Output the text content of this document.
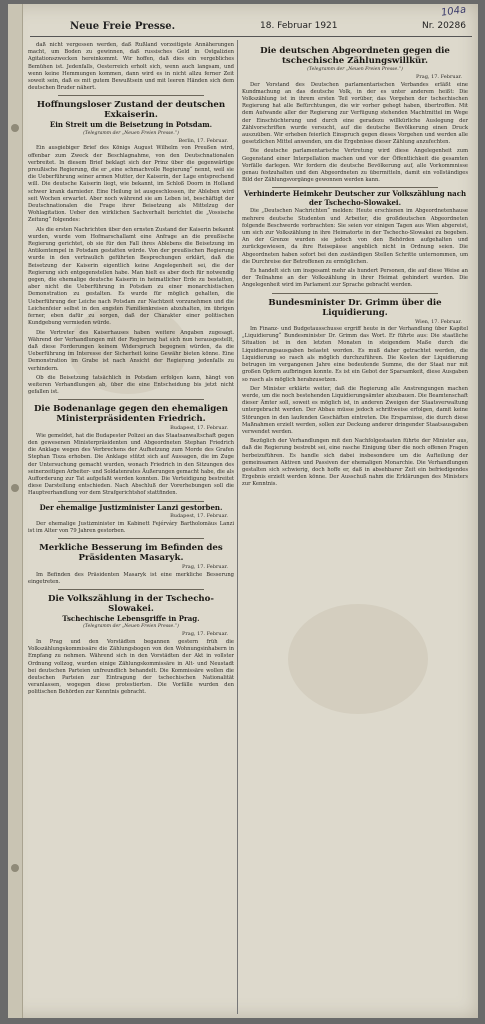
104a
Neue Freie Presse.	18. Februar 1921	Nr. 20286

daß nicht vergessen werden, daß Rußland vorzeitigste Annäherungen macht, um Boden zu gewinnen, daß russisches Geld in Ostgalizien Agitationszwecken hereinkommt. Wir hoffen, daß dies ein vergebliches Bemühen ist. Jedenfalls, Oesterreich erholt sich, wenn auch langsam, und wenn keine Hemmungen kommen, dann wird es in nicht allzu ferner Zeit soweit sein, daß es mit gutem Bewußtsein und mit leeren Händen sich dem deutschen Bruder nähert.

Hoffnungsloser Zustand der deutschen Exkaiserin.
Ein Streit um die Beisetzung in Potsdam.
(Telegramm der „Neuen Freien Presse.“)
Berlin, 17. Februar.

Ein ausgiebiger Brief des Königs August Wilhelm von Preußen wird, offenbar zum Zweck der Beschlagnahme, von den Deutschnationalen verbreitet. In diesem Brief beklagt sich der Prinz über die gegenwärtige preußische Regierung, die er „eine schmachvolle Regierung“ nennt, weil sie die Ueberführung seiner armen Mutter, der Kaiserin, der Lage entsprechend will. Die deutsche Kaiserin liegt, wie bekannt, im Schloß Doorn in Holland schwer krank darnieder. Eine Heilung ist ausgeschlossen, ihr Ableben wird seit Wochen erwartet. Aber noch während sie am Leben ist, beschäftigt der Deutschnationalen die Frage ihrer Beisetzung als Mittelzug der Wohlagitation. Ueber den wirklichen Sachverhalt berichtet die „Vossische Zeitung“ folgendes:

Als die ersten Nachrichten über den ernsten Zustand der Kaiserin bekannt wurden, wurde vom Hofmarschallamt eine Anfrage an die preußische Regierung gerichtet, ob sie für den Fall ihres Ablebens die Beisetzung im Antikentempel in Potsdam gestatten würde. Von der preußischen Regierung wurde in den vertraulich geführten Besprechungen erklärt, daß die Beisetzung der Kaiserin eigentlich keine Angelegenheit sei, die der Regierung sich entgegenstellen habe. Man hielt es aber doch für notwendig gegen, die ehemalige deutsche Kaiserin in heimatlicher Erde zu bestatten, aber nicht die Ueberführung in Potsdam zu einer monarchistischen Demonstration zu gestalten. Es wurde für möglich gehalten, die Ueberführung der Leiche nach Potsdam zur Nachtzeit vorzunehmen und die Leichenfeier selbst in den engsten Familienkreisen abzuhalten, im übrigen ferner, eben dafür zu sorgen, daß der Charakter einer politischen Kundgebung vermieden würde.

Die Vertreter des Kaiserhauses haben weitere Angaben zugesagt. Während der Verhandlungen mit der Regierung hat sich nun herausgestellt, daß diese Forderungen keinem Widerspruch begegnen würden, da die Ueberführung im Interesse der Sicherheit keine Gewähr bieten könne. Eine Demonstration im Grabe ist nach Ansicht der Regierung jedenfalls zu verhindern.

Ob die Beisetzung tatsächlich in Potsdam erfolgen kann, hängt von weiteren Verhandlungen ab, über die eine Entscheidung bis jetzt nicht gefallen ist.

Die Bodenanlage gegen den ehemaligen Ministerpräsidenten Friedrich.
Budapest, 17. Februar.

Wie gemeldet, hat die Budapester Polizei an das Staatsanwaltschaft gegen den gewesenen Ministerpräsidenten und Abgeordneten Stephan Friedrich die Anklage wegen des Verbrechens der Aufhetzung zum Morde des Grafen Stephan Tisza erhoben. Die Anklage stützt sich auf Aussagen, die im Zuge der Untersuchung gemacht wurden, wonach Friedrich in den Sitzungen des seinerzeitigen Arbeiter- und Soldatenrates Äußerungen gemacht habe, die als Aufforderung zur Tat aufgefaßt werden konnten. Die Verteidigung bestreitet diese Darstellung entschieden. Nach Abschluß der Vorerhebungen soll die Hauptverhandlung vor dem Strafgerichtshof stattfinden.

Der ehemalige Justizminister Lanzi gestorben.
Budapest, 17. Februar.

Der ehemalige Justizminister im Kabinett Fejérváry Bartholomäus Lanzi ist im Alter von 79 Jahren gestorben.

Merkliche Besserung im Befinden des Präsidenten Masaryk.
Prag, 17. Februar.

Im Befinden des Präsidenten Masaryk ist eine merkliche Besserung eingetreten.

Die Volkszählung in der Tschecho-Slowakei.
Tschechische Lebensgriffe in Prag.
(Telegramm der „Neuen Freien Presse.“)
Prag, 17. Februar.

In Prag und den Vorstädten begannen gestern früh die Volkszählungskommissäre die Zählungsbogen von den Wohnungsinhabern in Empfang zu nehmen. Während sich in den Vorstädten der Akt in vollster Ordnung vollzog, wurden einige Zählungskommissäre in Alt- und Neustadt bei deutschen Parteien unfreundlich behandelt. Die Kommissäre wollen die deutschen Parteien zur Eintragung der tschechischen Nationalität veranlassen, wogegen diese protestierten. Die Vorfälle wurden den politischen Behörden zur Kenntnis gebracht.

Die deutschen Abgeordneten gegen die tschechische Zählungswillkür.
(Telegramm der „Neuen Freien Presse.“)
Prag, 17. Februar.

Der Vorstand des Deutschen parlamentarischen Verbandes erläßt eine Kundmachung an das deutsche Volk, in der es unter anderem heißt: Die Volkszählung ist in ihrem ersten Teil vorüber, das Vorgehen der tschechischen Regierung hat alle Befürchtungen, die wir vorher gehegt haben, übertroffen. Mit dem Aufwande aller der Regierung zur Verfügung stehenden Machtmittel im Wege der Einschüchterung und durch eine geradezu willkürliche Auslegung der Zählvorschriften wurde versucht, auf die deutsche Bevölkerung einen Druck auszuüben. Wir erheben feierlich Einspruch gegen dieses Vorgehen und werden alle gesetzlichen Mittel anwenden, um die Ergebnisse dieser Zählung anzufechten.

Die deutsche parlamentarische Vertretung wird diese Angelegenheit zum Gegenstand einer Interpellation machen und vor der Öffentlichkeit die gesamten Vorfälle darlegen. Wir fordern die deutsche Bevölkerung auf, alle Vorkommnisse genau festzuhalten und den Abgeordneten zu übermitteln, damit ein vollständiges Bild der Zählungsvorgänge gewonnen werden kann.

Verhinderte Heimkehr Deutscher zur Volkszählung nach der Tschecho-Slowakei.

Die „Deutschen Nachrichten“ melden: Heute erschienen im Abgeordnetenhause mehrere deutsche Studenten und Arbeiter, die großdeutschen Abgeordneten folgende Beschwerde vorbrachten: Sie seien vor einigen Tagen aus Wien abgereist, um sich zur Volkszählung in ihre Heimatorte in der Tschecho-Slowakei zu begeben. An der Grenze wurden sie jedoch von den Behörden aufgehalten und zurückgewiesen, da ihre Reisepässe angeblich nicht in Ordnung seien. Die Abgeordneten haben sofort bei den zuständigen Stellen Schritte unternommen, um die Durchreise der Betroffenen zu ermöglichen.

Es handelt sich um insgesamt mehr als hundert Personen, die auf diese Weise an der Teilnahme an der Volkszählung in ihrer Heimat gehindert wurden. Die Angelegenheit wird im Parlament zur Sprache gebracht werden.

Bundesminister Dr. Grimm über die Liquidierung.
Wien, 17. Februar.

Im Finanz- und Budgetausschusse ergriff heute in der Verhandlung über Kapitel „Liquidierung“ Bundesminister Dr. Grimm das Wort. Er führte aus: Die staatliche Situation ist in den letzten Monaten in steigendem Maße durch die Liquidierungsausgaben belastet worden. Es muß daher getrachtet werden, die Liquidierung so rasch als möglich durchzuführen. Die Kosten der Liquidierung betrugen im vergangenen Jahre eine bedeutende Summe, die der Staat nur mit großen Opfern aufbringen konnte. Es ist ein Gebot der Sparsamkeit, diese Ausgaben so rasch als möglich herabzusetzen.

Der Minister erklärte weiter, daß die Regierung alle Anstrengungen machen werde, um die noch bestehenden Liquidierungsämter abzubauen. Die Beamtenschaft dieser Ämter soll, soweit es möglich ist, in anderen Zweigen der Staatsverwaltung untergebracht werden. Der Abbau müsse jedoch schrittweise erfolgen, damit keine Störungen in den laufenden Geschäften eintreten. Die Ersparnisse, die durch diese Maßnahmen erzielt werden, sollen zur Deckung anderer dringender Staatsausgaben verwendet werden.

Bezüglich der Verhandlungen mit den Nachfolgestaaten führte der Minister aus, daß die Regierung bestrebt sei, eine rasche Einigung über die noch offenen Fragen herbeizuführen. Es handle sich dabei insbesondere um die Aufteilung der gemeinsamen Aktiven und Passiven der ehemaligen Monarchie. Die Verhandlungen gestalten sich schwierig, doch hoffe er, daß in absehbarer Zeit ein befriedigendes Ergebnis erzielt werden könne. Der Ausschuß nahm die Erklärungen des Ministers zur Kenntnis.
